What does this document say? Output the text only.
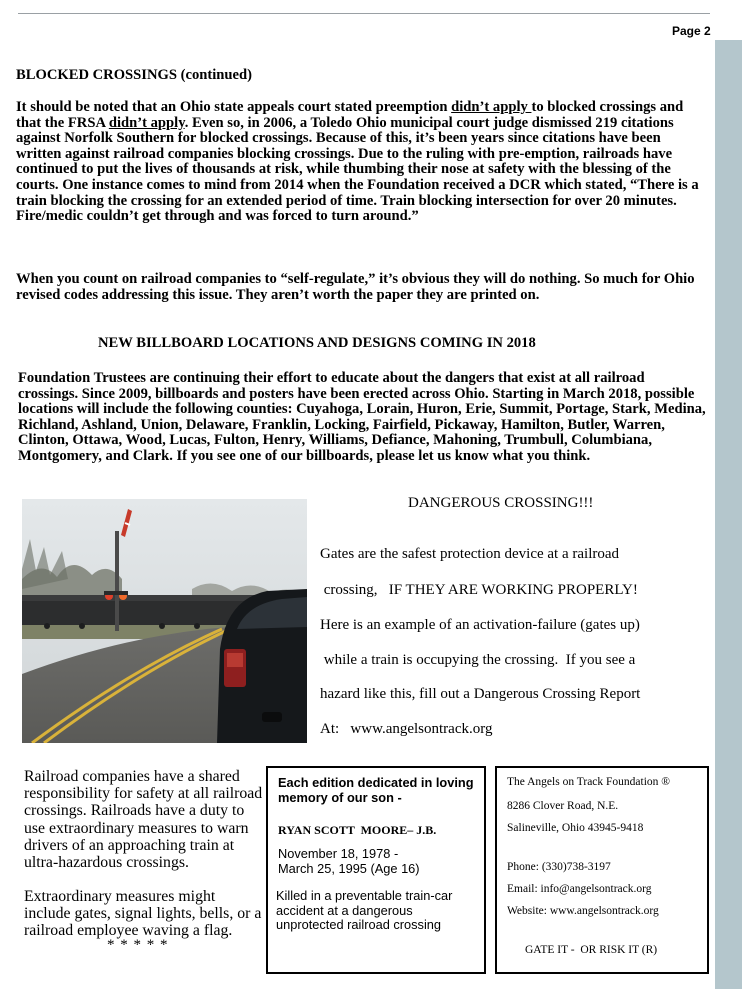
Page 2
BLOCKED CROSSINGS (continued)
It should be noted that an Ohio state appeals court stated preemption didn’t apply to blocked crossings and that the FRSA didn’t apply. Even so, in 2006, a Toledo Ohio municipal court judge dismissed 219 citations against Norfolk Southern for blocked crossings. Because of this, it’s been years since citations have been written against railroad companies blocking crossings. Due to the ruling with pre-emption, railroads have continued to put the lives of thousands at risk, while thumbing their nose at safety with the blessing of the courts. One instance comes to mind from 2014 when the Foundation received a DCR which stated, “There is a train blocking the crossing for an extended period of time. Train blocking intersection for over 20 minutes. Fire/medic couldn’t get through and was forced to turn around.”
When you count on railroad companies to “self-regulate,” it’s obvious they will do nothing. So much for Ohio revised codes addressing this issue. They aren’t worth the paper they are printed on.
NEW BILLBOARD LOCATIONS AND DESIGNS COMING IN 2018
Foundation Trustees are continuing their effort to educate about the dangers that exist at all railroad crossings. Since 2009, billboards and posters have been erected across Ohio. Starting in March 2018, possible locations will include the following counties: Cuyahoga, Lorain, Huron, Erie, Summit, Portage, Stark, Medina, Richland, Ashland, Union, Delaware, Franklin, Locking, Fairfield, Pickaway, Hamilton, Butler, Warren, Clinton, Ottawa, Wood, Lucas, Fulton, Henry, Williams, Defiance, Mahoning, Trumbull, Columbiana, Montgomery, and Clark. If you see one of our billboards, please let us know what you think.
DANGEROUS CROSSING!!!
Gates are the safest protection device at a railroad
crossing,   IF THEY ARE WORKING PROPERLY!
Here is an example of an activation-failure (gates up)
while a train is occupying the crossing.  If you see a
hazard like this, fill out a Dangerous Crossing Report
At:   www.angelsontrack.org
Railroad companies have a shared responsibility for safety at all railroad crossings. Railroads have a duty to use extraordinary measures to warn drivers of an approaching train at ultra-hazardous crossings.
Extraordinary measures might include gates, signal lights, bells, or a railroad employee waving a flag.
* * * * *
Each edition dedicated in loving memory of our son -
RYAN SCOTT  MOORE– J.B.
November 18, 1978 - March 25, 1995 (Age 16)
Killed in a preventable train-car accident at a dangerous unprotected railroad crossing
The Angels on Track Foundation ®
8286 Clover Road, N.E.
Salineville, Ohio 43945-9418
Phone: (330)738-3197
Email: info@angelsontrack.org
Website: www.angelsontrack.org
GATE IT -  OR RISK IT (R)
